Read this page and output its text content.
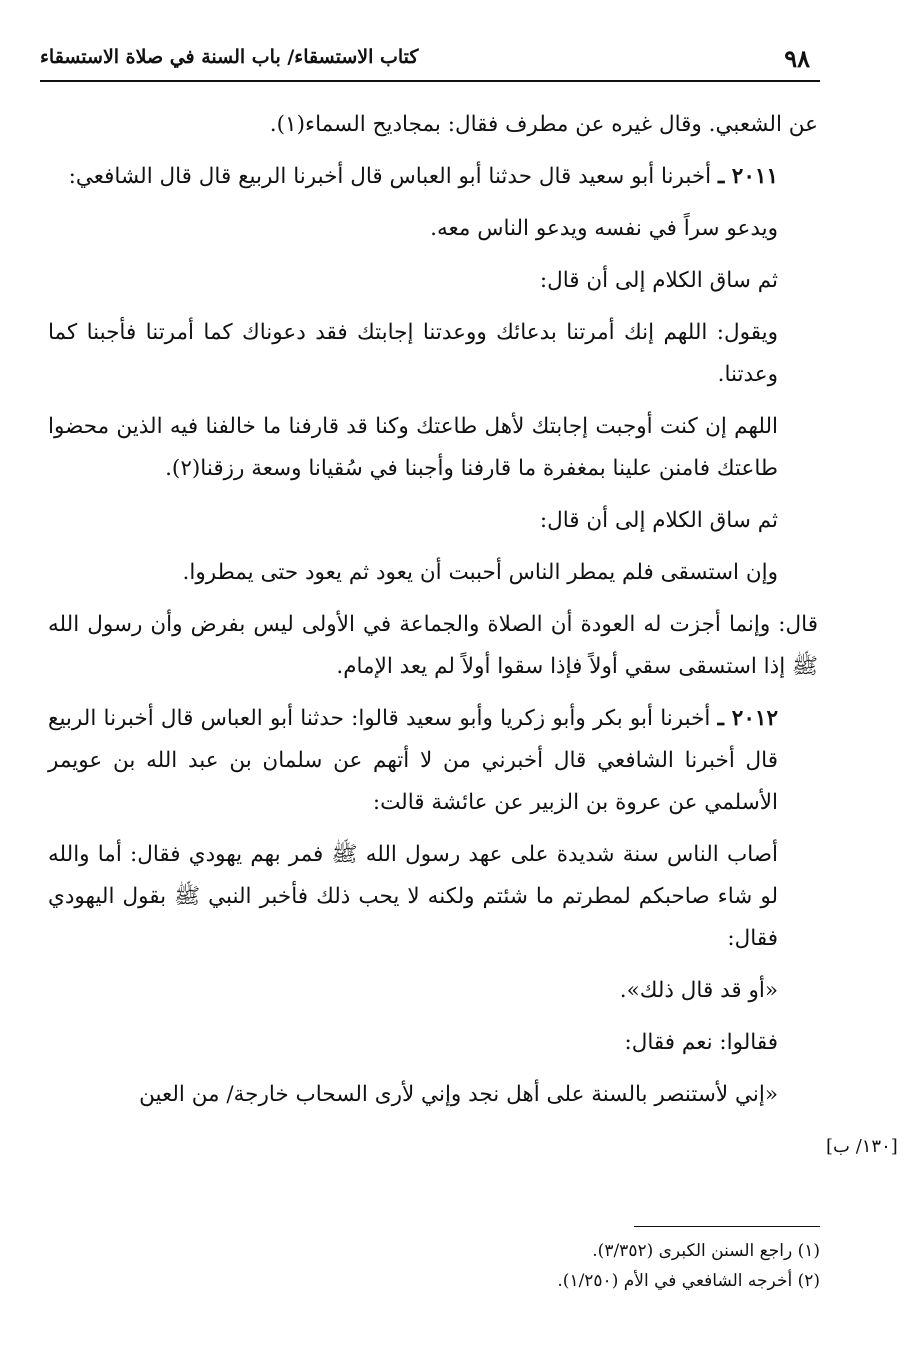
٩٨
كتاب الاستسقاء/ باب السنة في صلاة الاستسقاء

عن الشعبي. وقال غيره عن مطرف فقال: بمجاديح السماء(١).

٢٠١١ ـ أخبرنا أبو سعيد قال حدثنا أبو العباس قال أخبرنا الربيع قال قال الشافعي:

ويدعو سراً في نفسه ويدعو الناس معه.

ثم ساق الكلام إلى أن قال:

ويقول: اللهم إنك أمرتنا بدعائك ووعدتنا إجابتك فقد دعوناك كما أمرتنا فأجبنا كما وعدتنا.

اللهم إن كنت أوجبت إجابتك لأهل طاعتك وكنا قد قارفنا ما خالفنا فيه الذين محضوا طاعتك فامنن علينا بمغفرة ما قارفنا وأجبنا في سُقيانا وسعة رزقنا(٢).

ثم ساق الكلام إلى أن قال:

وإن استسقى فلم يمطر الناس أحببت أن يعود ثم يعود حتى يمطروا.

قال: وإنما أجزت له العودة أن الصلاة والجماعة في الأولى ليس بفرض وأن رسول الله ﷺ إذا استسقى سقي أولاً فإذا سقوا أولاً لم يعد الإمام.

٢٠١٢ ـ أخبرنا أبو بكر وأبو زكريا وأبو سعيد قالوا: حدثنا أبو العباس قال أخبرنا الربيع قال أخبرنا الشافعي قال أخبرني من لا أتهم عن سلمان بن عبد الله بن عويمر الأسلمي عن عروة بن الزبير عن عائشة قالت:

أصاب الناس سنة شديدة على عهد رسول الله ﷺ فمر بهم يهودي فقال: أما والله لو شاء صاحبكم لمطرتم ما شئتم ولكنه لا يحب ذلك فأخبر النبي ﷺ بقول اليهودي فقال:

«أو قد قال ذلك».

فقالوا: نعم فقال:

«إني لأستنصر بالسنة على أهل نجد وإني لأرى السحاب خارجة/ من العين

[١٣٠/ ب]
(١) راجع السنن الكبرى (٣/٣٥٢).
(٢) أخرجه الشافعي في الأم (١/٢٥٠).
